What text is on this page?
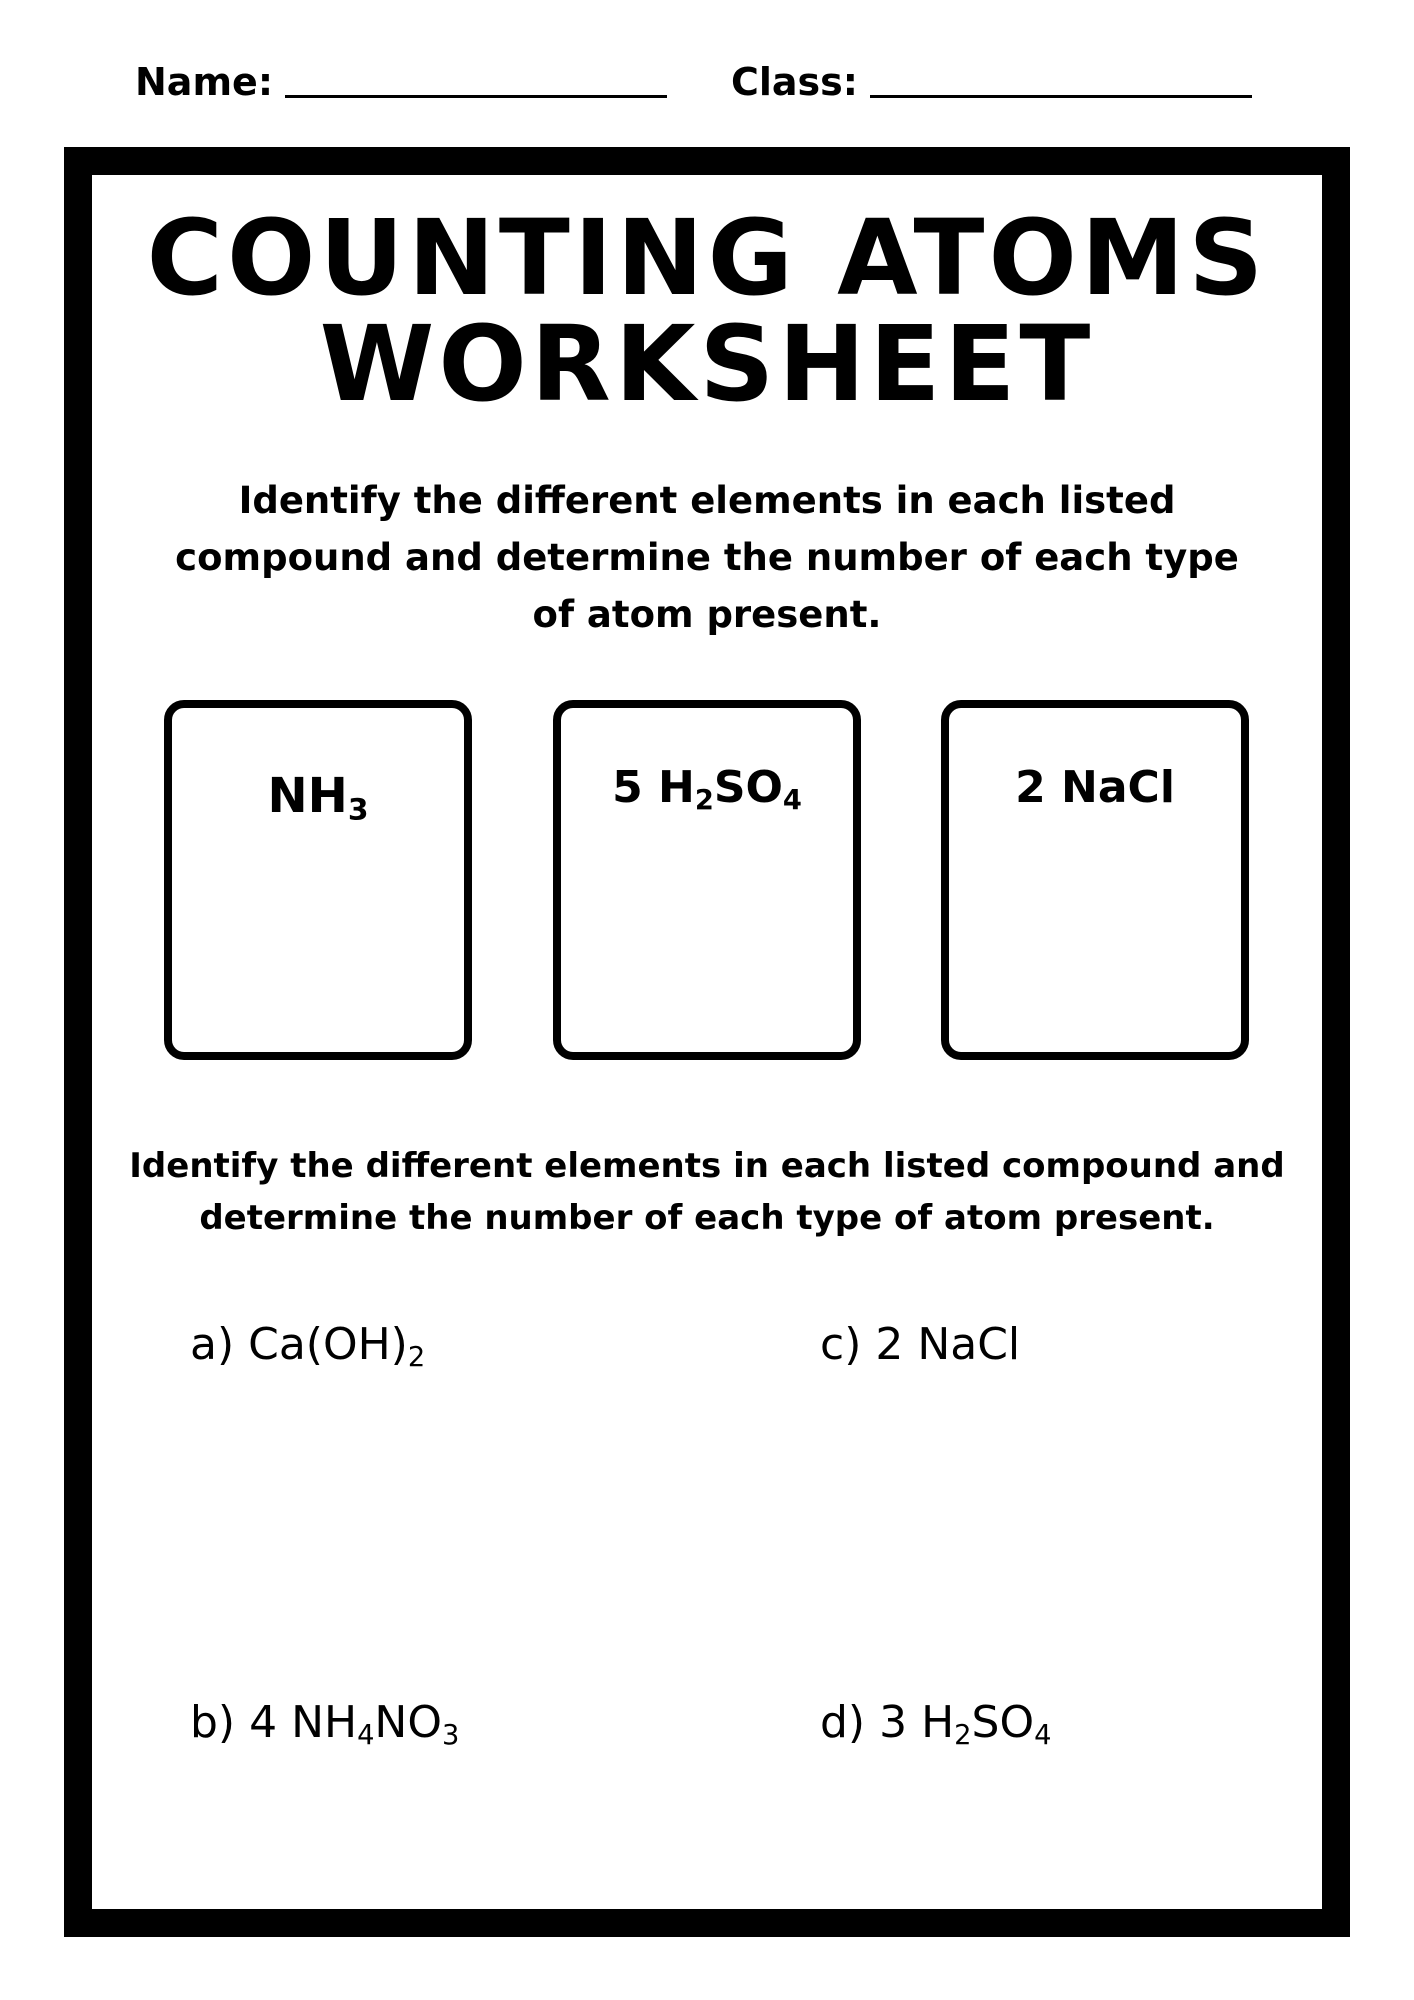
Name:	Class:
COUNTING ATOMS
WORKSHEET
Identify the different elements in each listed
compound and determine the number of each type
of atom present.
$NH_3$	5 $H_2SO_4$	2 NaCl
Identify the different elements in each listed compound and
determine the number of each type of atom present.
a) $Ca(OH)_2$	c) 2 NaCl
b) 4 $NH_4NO_3$	d) 3 $H_2SO_4$
